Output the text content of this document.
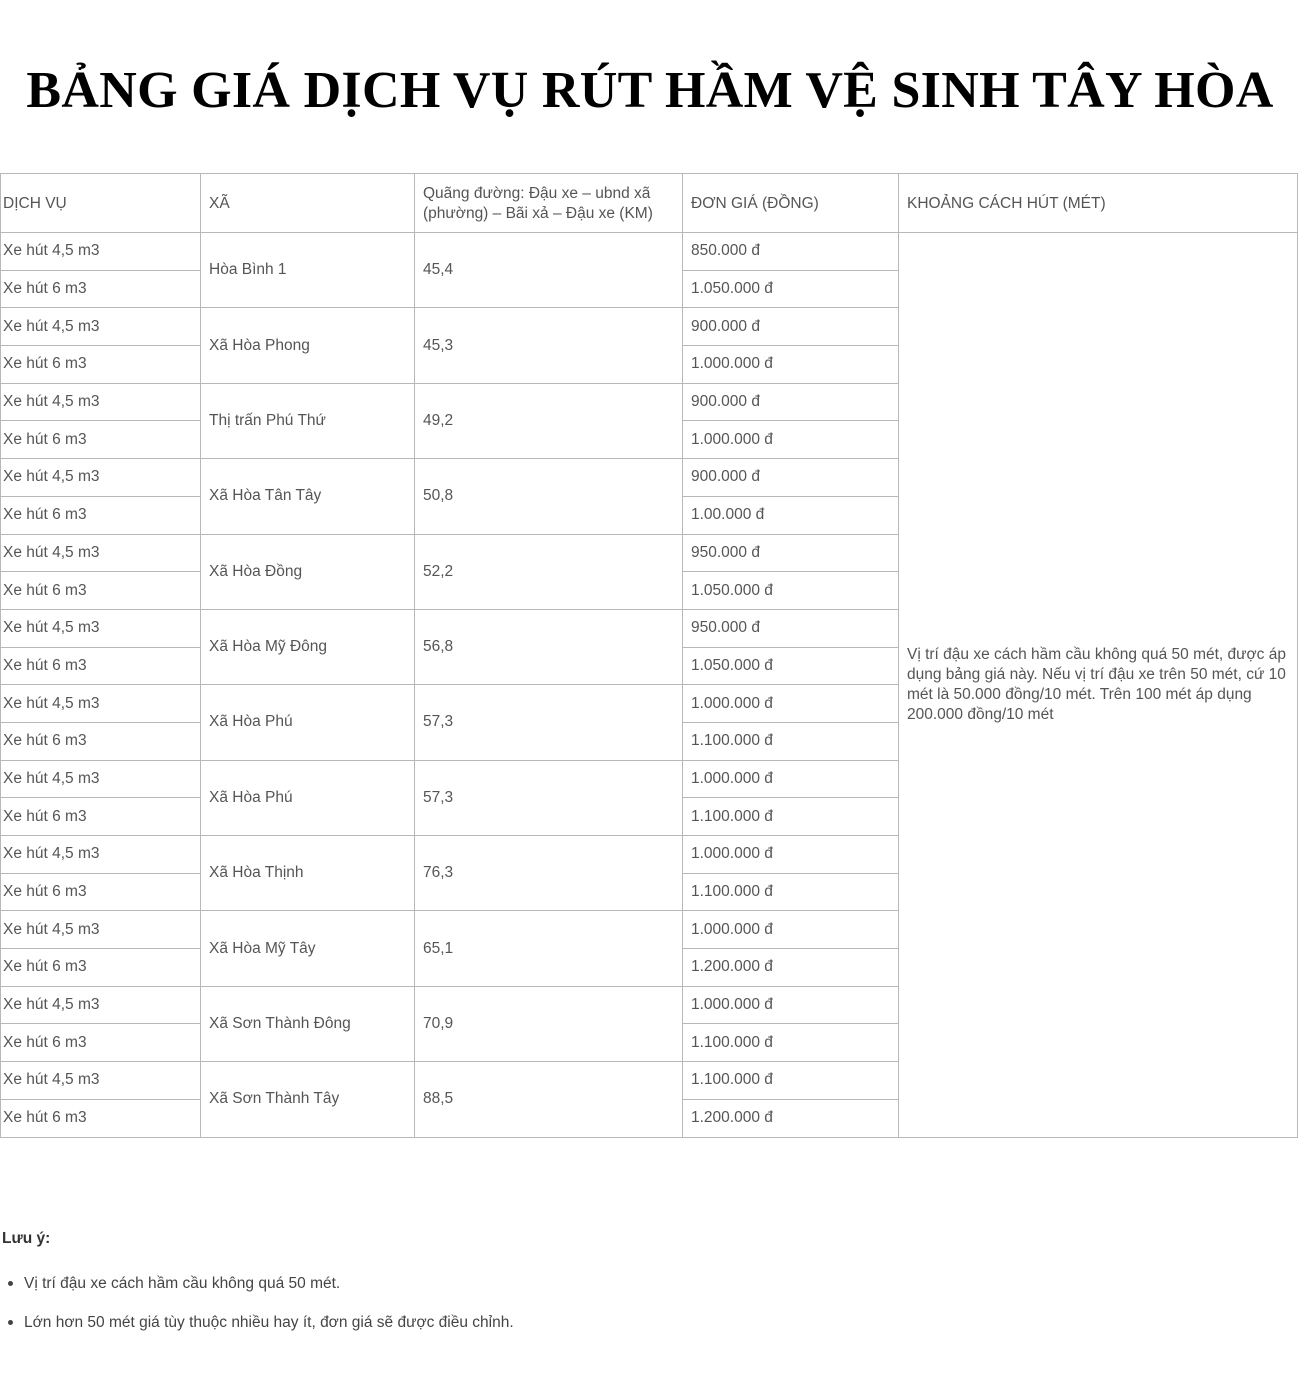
BẢNG GIÁ DỊCH VỤ RÚT HẦM VỆ SINH TÂY HÒA
DỊCH VỤ	XÃ	Quãng đường: Đậu xe – ubnd xã (phường) – Bãi xả – Đậu xe (KM)	ĐƠN GIÁ (ĐỒNG)	KHOẢNG CÁCH HÚT (MÉT)
Xe hút 4,5 m3	Hòa Bình 1	45,4	850.000 đ	Vị trí đậu xe cách hầm cầu không quá 50 mét, được áp dụng bảng giá này. Nếu vị trí đậu xe trên 50 mét, cứ 10 mét là 50.000 đồng/10 mét. Trên 100 mét áp dụng 200.000 đồng/10 mét
Xe hút 6 m3			1.050.000 đ	
Xe hút 4,5 m3	Xã Hòa Phong	45,3	900.000 đ	
Xe hút 6 m3			1.000.000 đ	
Xe hút 4,5 m3	Thị trấn Phú Thứ	49,2	900.000 đ	
Xe hút 6 m3			1.000.000 đ	
Xe hút 4,5 m3	Xã Hòa Tân Tây	50,8	900.000 đ	
Xe hút 6 m3			1.00.000 đ	
Xe hút 4,5 m3	Xã Hòa Đồng	52,2	950.000 đ	
Xe hút 6 m3			1.050.000 đ	
Xe hút 4,5 m3	Xã Hòa Mỹ Đông	56,8	950.000 đ	
Xe hút 6 m3			1.050.000 đ	
Xe hút 4,5 m3	Xã Hòa Phú	57,3	1.000.000 đ	
Xe hút 6 m3			1.100.000 đ	
Xe hút 4,5 m3	Xã Hòa Phú	57,3	1.000.000 đ	
Xe hút 6 m3			1.100.000 đ	
Xe hút 4,5 m3	Xã Hòa Thịnh	76,3	1.000.000 đ	
Xe hút 6 m3			1.100.000 đ	
Xe hút 4,5 m3	Xã Hòa Mỹ Tây	65,1	1.000.000 đ	
Xe hút 6 m3			1.200.000 đ	
Xe hút 4,5 m3	Xã Sơn Thành Đông	70,9	1.000.000 đ	
Xe hút 6 m3			1.100.000 đ	
Xe hút 4,5 m3	Xã Sơn Thành Tây	88,5	1.100.000 đ	
Xe hút 6 m3			1.200.000 đ	
Lưu ý:
Vị trí đậu xe cách hầm cầu không quá 50 mét.
Lớn hơn 50 mét giá tùy thuộc nhiều hay ít, đơn giá sẽ được điều chỉnh.
